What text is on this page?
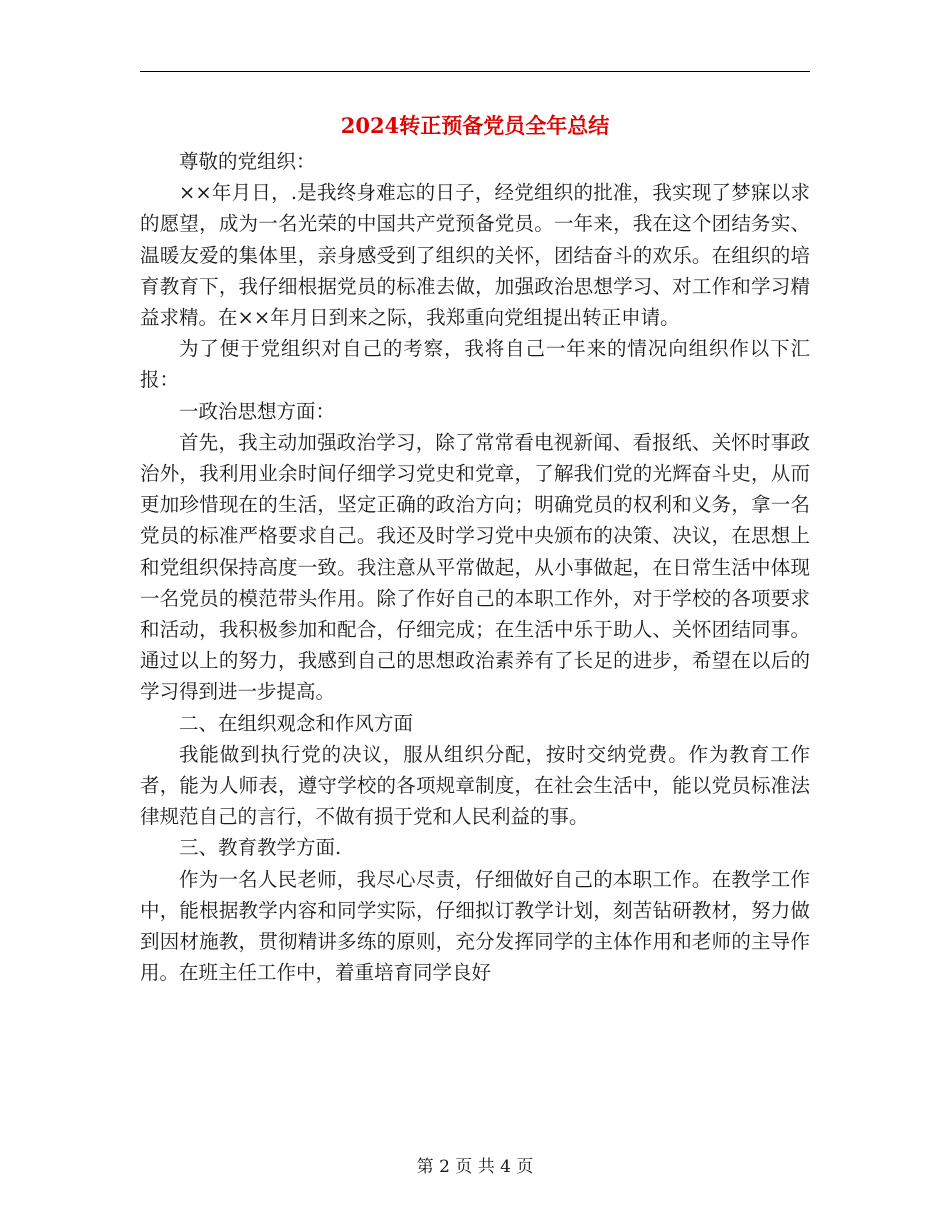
2024转正预备党员全年总结

尊敬的党组织：

××年月日，.是我终身难忘的日子，经党组织的批准，我实现了梦寐以求的愿望，成为一名光荣的中国共产党预备党员。一年来，我在这个团结务实、温暖友爱的集体里，亲身感受到了组织的关怀，团结奋斗的欢乐。在组织的培育教育下，我仔细根据党员的标准去做，加强政治思想学习、对工作和学习精益求精。在××年月日到来之际，我郑重向党组提出转正申请。

为了便于党组织对自己的考察，我将自己一年来的情况向组织作以下汇报：

一政治思想方面：

首先，我主动加强政治学习，除了常常看电视新闻、看报纸、关怀时事政治外，我利用业余时间仔细学习党史和党章，了解我们党的光辉奋斗史，从而更加珍惜现在的生活，坚定正确的政治方向；明确党员的权利和义务，拿一名党员的标准严格要求自己。我还及时学习党中央颁布的决策、决议，在思想上和党组织保持高度一致。我注意从平常做起，从小事做起，在日常生活中体现一名党员的模范带头作用。除了作好自己的本职工作外，对于学校的各项要求和活动，我积极参加和配合，仔细完成；在生活中乐于助人、关怀团结同事。通过以上的努力，我感到自己的思想政治素养有了长足的进步，希望在以后的学习得到进一步提高。

二、在组织观念和作风方面

我能做到执行党的决议，服从组织分配，按时交纳党费。作为教育工作者，能为人师表，遵守学校的各项规章制度，在社会生活中，能以党员标准法律规范自己的言行，不做有损于党和人民利益的事。

三、教育教学方面.

作为一名人民老师，我尽心尽责，仔细做好自己的本职工作。在教学工作中，能根据教学内容和同学实际，仔细拟订教学计划，刻苦钻研教材，努力做到因材施教，贯彻精讲多练的原则，充分发挥同学的主体作用和老师的主导作用。在班主任工作中，着重培育同学良好

第 2 页 共 4 页
